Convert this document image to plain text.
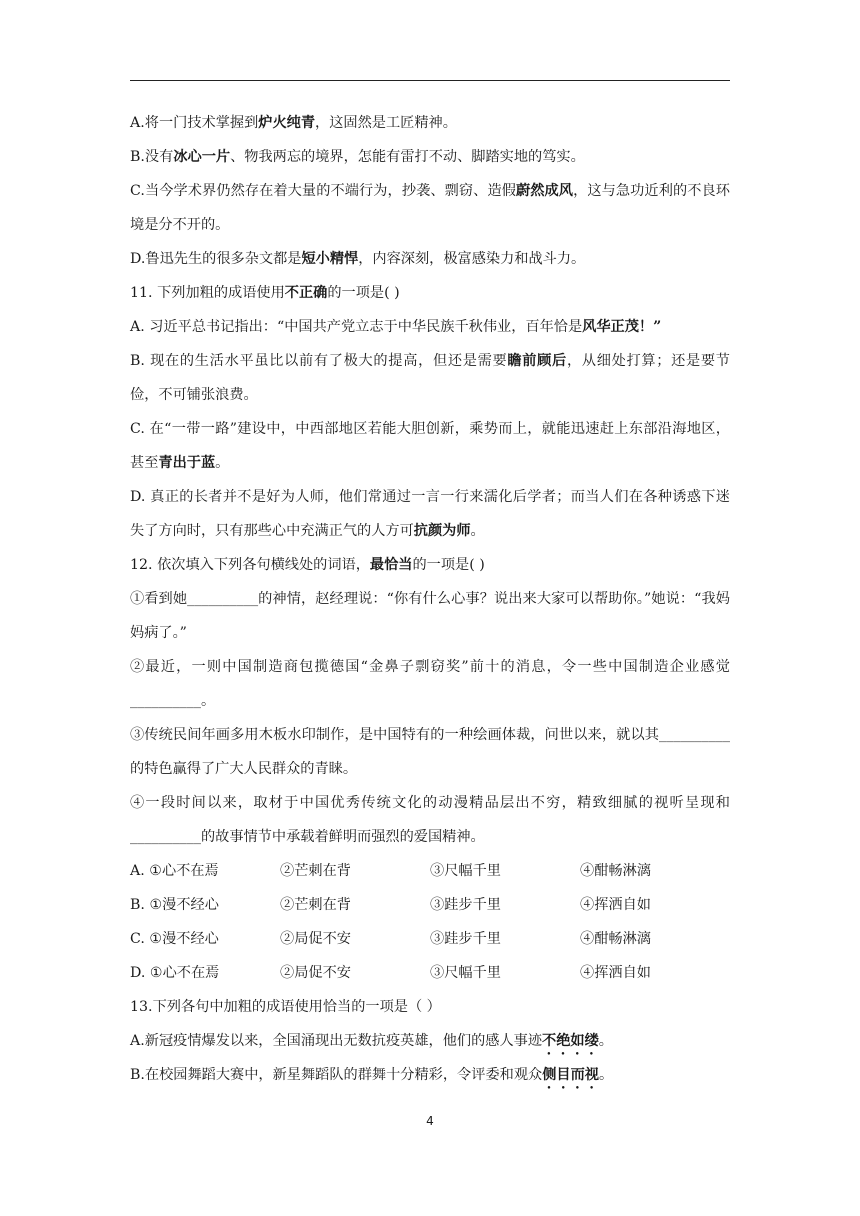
A.将一门技术掌握到炉火纯青，这固然是工匠精神。

B.没有冰心一片、物我两忘的境界，怎能有雷打不动、脚踏实地的笃实。

C.当今学术界仍然存在着大量的不端行为，抄袭、剽窃、造假蔚然成风，这与急功近利的不良环境是分不开的。

D.鲁迅先生的很多杂文都是短小精悍，内容深刻，极富感染力和战斗力。

11. 下列加粗的成语使用不正确的一项是( )

A. 习近平总书记指出：“中国共产党立志于中华民族千秋伟业，百年恰是风华正茂！”

B. 现在的生活水平虽比以前有了极大的提高，但还是需要瞻前顾后，从细处打算；还是要节俭，不可铺张浪费。

C. 在“一带一路”建设中，中西部地区若能大胆创新，乘势而上，就能迅速赶上东部沿海地区，甚至青出于蓝。

D. 真正的长者并不是好为人师，他们常通过一言一行来濡化后学者；而当人们在各种诱惑下迷失了方向时，只有那些心中充满正气的人方可抗颜为师。

12. 依次填入下列各句横线处的词语，最恰当的一项是( )

①看到她__________的神情，赵经理说：“你有什么心事？说出来大家可以帮助你。”她说：“我妈妈病了。”

②最近，一则中国制造商包揽德国“金鼻子剽窃奖”前十的消息，令一些中国制造企业感觉__________。

③传统民间年画多用木板水印制作，是中国特有的一种绘画体裁，问世以来，就以其__________的特色赢得了广大人民群众的青睐。

④一段时间以来，取材于中国优秀传统文化的动漫精品层出不穷，精致细腻的视听呈现和__________的故事情节中承载着鲜明而强烈的爱国精神。

A. ①心不在焉	②芒刺在背	③尺幅千里	④酣畅淋漓
B. ①漫不经心	②芒刺在背	③跬步千里	④挥洒自如
C. ①漫不经心	②局促不安	③跬步千里	④酣畅淋漓
D. ①心不在焉	②局促不安	③尺幅千里	④挥洒自如

13.下列各句中加粗的成语使用恰当的一项是（ ）

A.新冠疫情爆发以来，全国涌现出无数抗疫英雄，他们的感人事迹不绝如缕。

B.在校园舞蹈大赛中，新星舞蹈队的群舞十分精彩，令评委和观众侧目而视。

4
